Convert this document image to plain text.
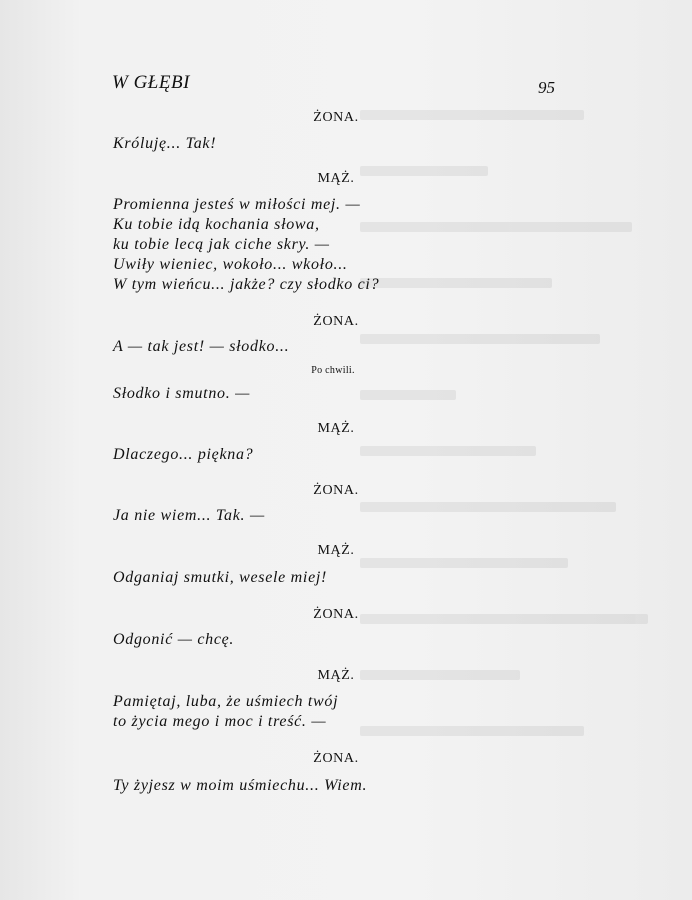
W GŁĘBI	95
ŻONA.
Króluję... Tak!
MĄŻ.
Promienna jesteś w miłości mej. —
Ku tobie idą kochania słowa,
ku tobie lecą jak ciche skry. —
Uwiły wieniec, wokoło... wkoło...
W tym wieńcu... jakże? czy słodko ci?
ŻONA.
A — tak jest! — słodko...
Po chwili.
Słodko i smutno. —
MĄŻ.
Dlaczego... piękna?
ŻONA.
Ja nie wiem... Tak. —
MĄŻ.
Odganiaj smutki, wesele miej!
ŻONA.
Odgonić — chcę.
MĄŻ.
Pamiętaj, luba, że uśmiech twój
to życia mego i moc i treść. —
ŻONA.
Ty żyjesz w moim uśmiechu... Wiem.
